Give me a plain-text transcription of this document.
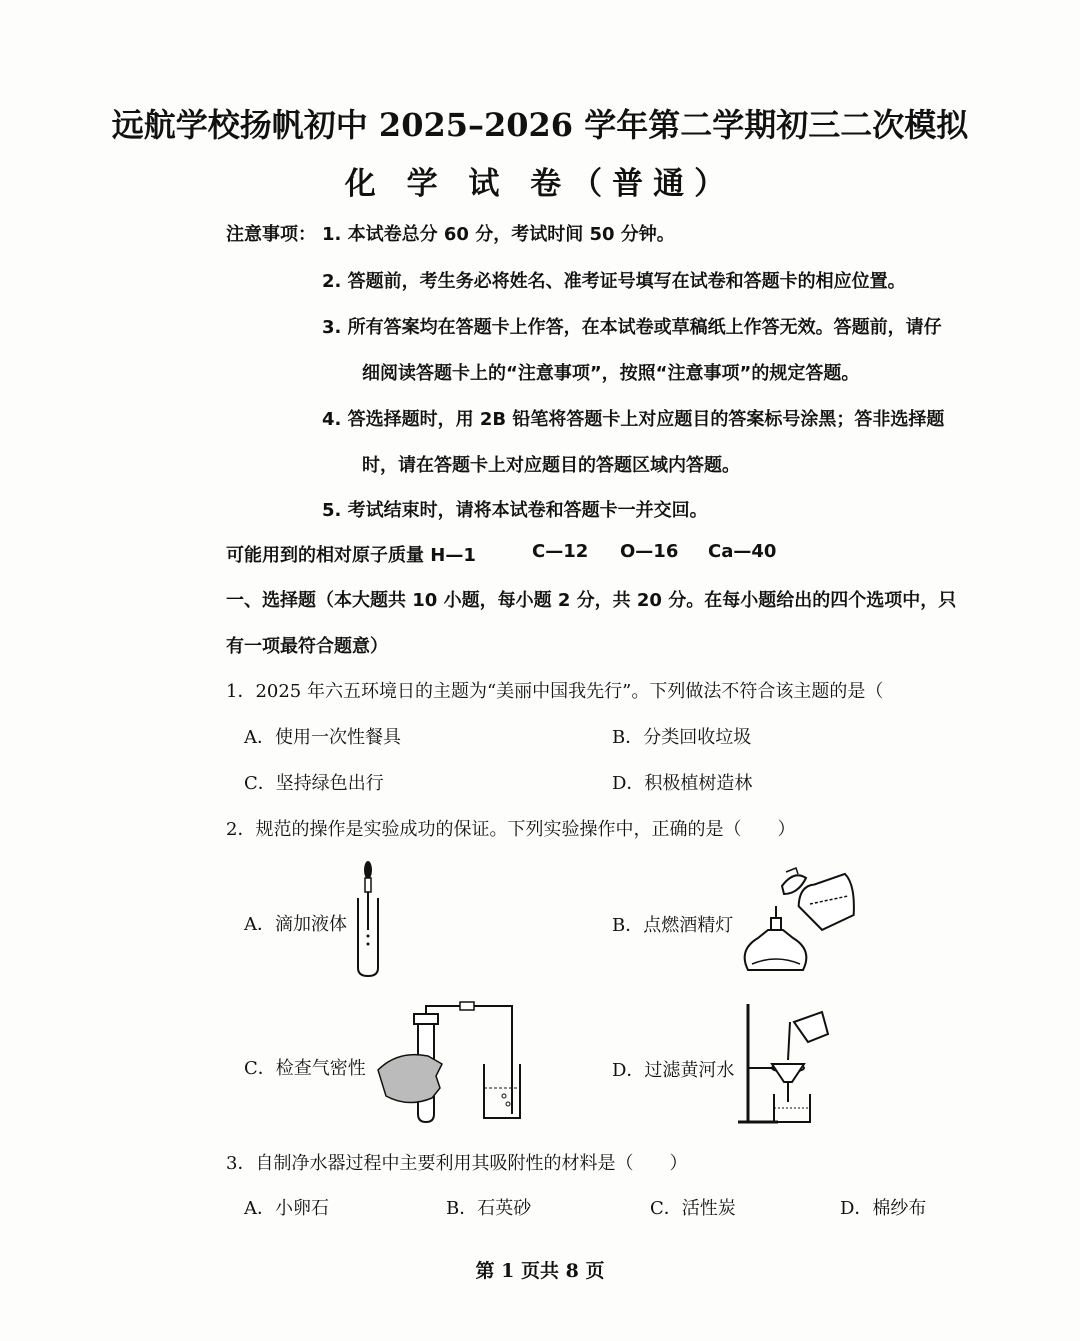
远航学校扬帆初中 2025–2026 学年第二学期初三二次模拟
化 学 试 卷（普通）
注意事项： 1. 本试卷总分 60 分，考试时间 50 分钟。
2. 答题前，考生务必将姓名、准考证号填写在试卷和答题卡的相应位置。
3. 所有答案均在答题卡上作答，在本试卷或草稿纸上作答无效。答题前，请仔
细阅读答题卡上的“注意事项”，按照“注意事项”的规定答题。
4. 答选择题时，用 2B 铅笔将答题卡上对应题目的答案标号涂黑；答非选择题
时，请在答题卡上对应题目的答题区域内答题。
5. 考试结束时，请将本试卷和答题卡一并交回。
可能用到的相对原子质量 H—1	C—12 O—16 Ca—40
一、选择题（本大题共 10 小题，每小题 2 分，共 20 分。在每小题给出的四个选项中，只
有一项最符合题意）
1．2025 年六五环境日的主题为“美丽中国我先行”。下列做法不符合该主题的是（
A．使用一次性餐具	B．分类回收垃圾
C．坚持绿色出行	D．积极植树造林
2．规范的操作是实验成功的保证。下列实验操作中，正确的是（　　）
A．滴加液体	B．点燃酒精灯
C．检查气密性	D．过滤黄河水
3．自制净水器过程中主要利用其吸附性的材料是（　　）
A．小卵石	B．石英砂	C．活性炭	D．棉纱布
第 1 页共 8 页
